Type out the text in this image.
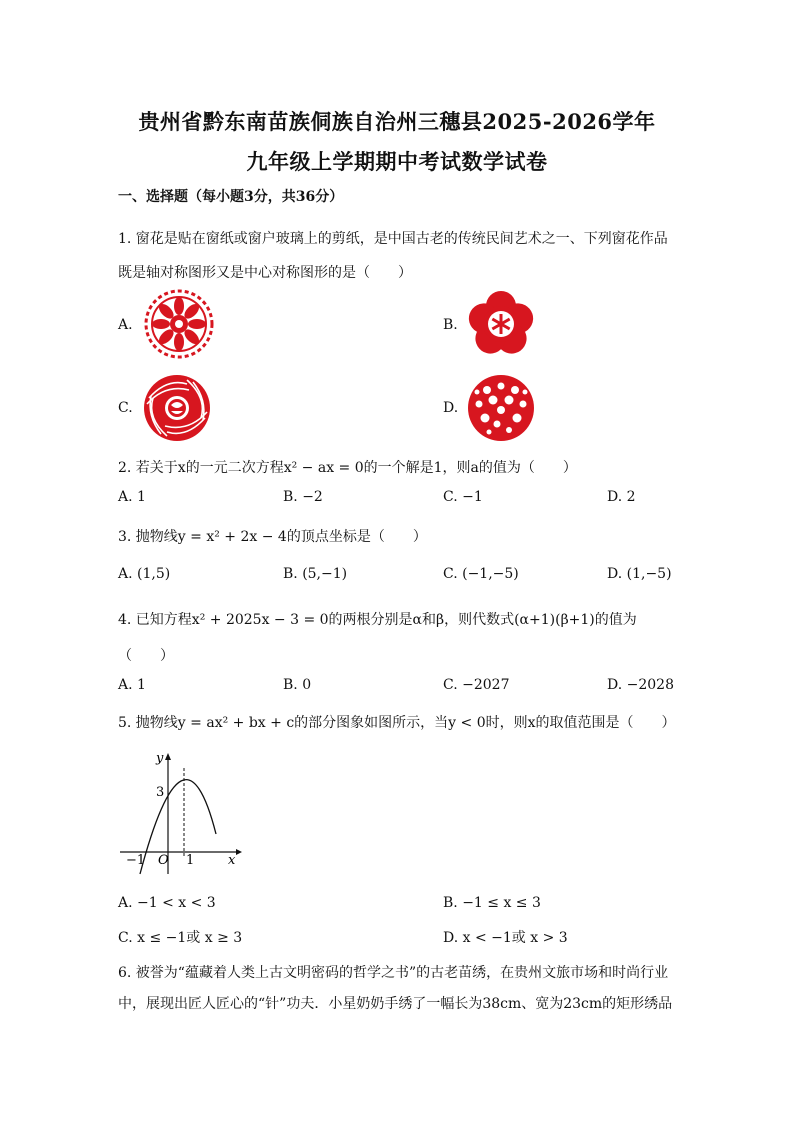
贵州省黔东南苗族侗族自治州三穗县2025-2026学年
九年级上学期期中考试数学试卷
一、选择题（每小题3分，共36分）
1. 窗花是贴在窗纸或窗户玻璃上的剪纸，是中国古老的传统民间艺术之一、下列窗花作品
既是轴对称图形又是中心对称图形的是（　　）
A.	B.
C.	D.
2. 若关于x的一元二次方程x² − ax = 0的一个解是1，则a的值为（　　）
A. 1	B. −2	C. −1	D. 2
3. 抛物线y = x² + 2x − 4的顶点坐标是（　　）
A. (1,5)	B. (5,−1)	C. (−1,−5)	D. (1,−5)
4. 已知方程x² + 2025x − 3 = 0的两根分别是α和β，则代数式(α+1)(β+1)的值为
（　　）
A. 1	B. 0	C. −2027	D. −2028
5. 抛物线y = ax² + bx + c的部分图象如图所示，当y < 0时，则x的取值范围是（　　）
y
x
3
O
−1	1
A. −1 < x < 3	B. −1 ≤ x ≤ 3
C. x ≤ −1或 x ≥ 3	D. x < −1或 x > 3
6. 被誉为“蕴藏着人类上古文明密码的哲学之书”的古老苗绣，在贵州文旅市场和时尚行业
中，展现出匠人匠心的“针”功夫．小星奶奶手绣了一幅长为38cm、宽为23cm的矩形绣品
